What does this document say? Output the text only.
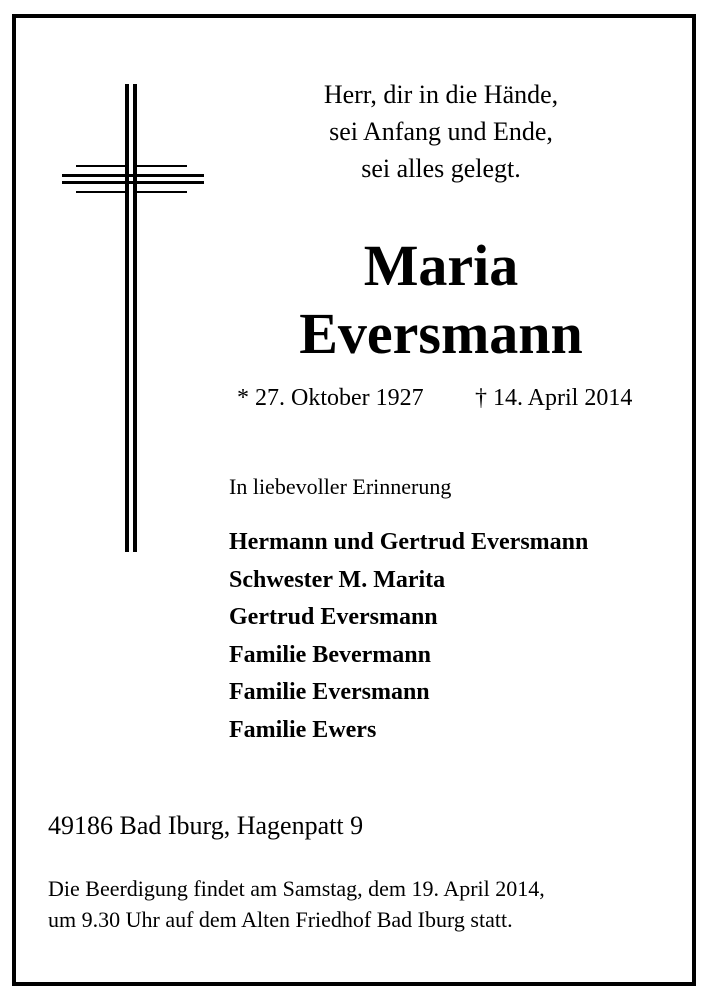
Herr, dir in die Hände,
sei Anfang und Ende,
sei alles gelegt.
Maria
Eversmann
* 27. Oktober 1927 † 14. April 2014
In liebevoller Erinnerung
Hermann und Gertrud Eversmann
Schwester M. Marita
Gertrud Eversmann
Familie Bevermann
Familie Eversmann
Familie Ewers
49186 Bad Iburg, Hagenpatt 9
Die Beerdigung findet am Samstag, dem 19. April 2014,
um 9.30 Uhr auf dem Alten Friedhof Bad Iburg statt.
